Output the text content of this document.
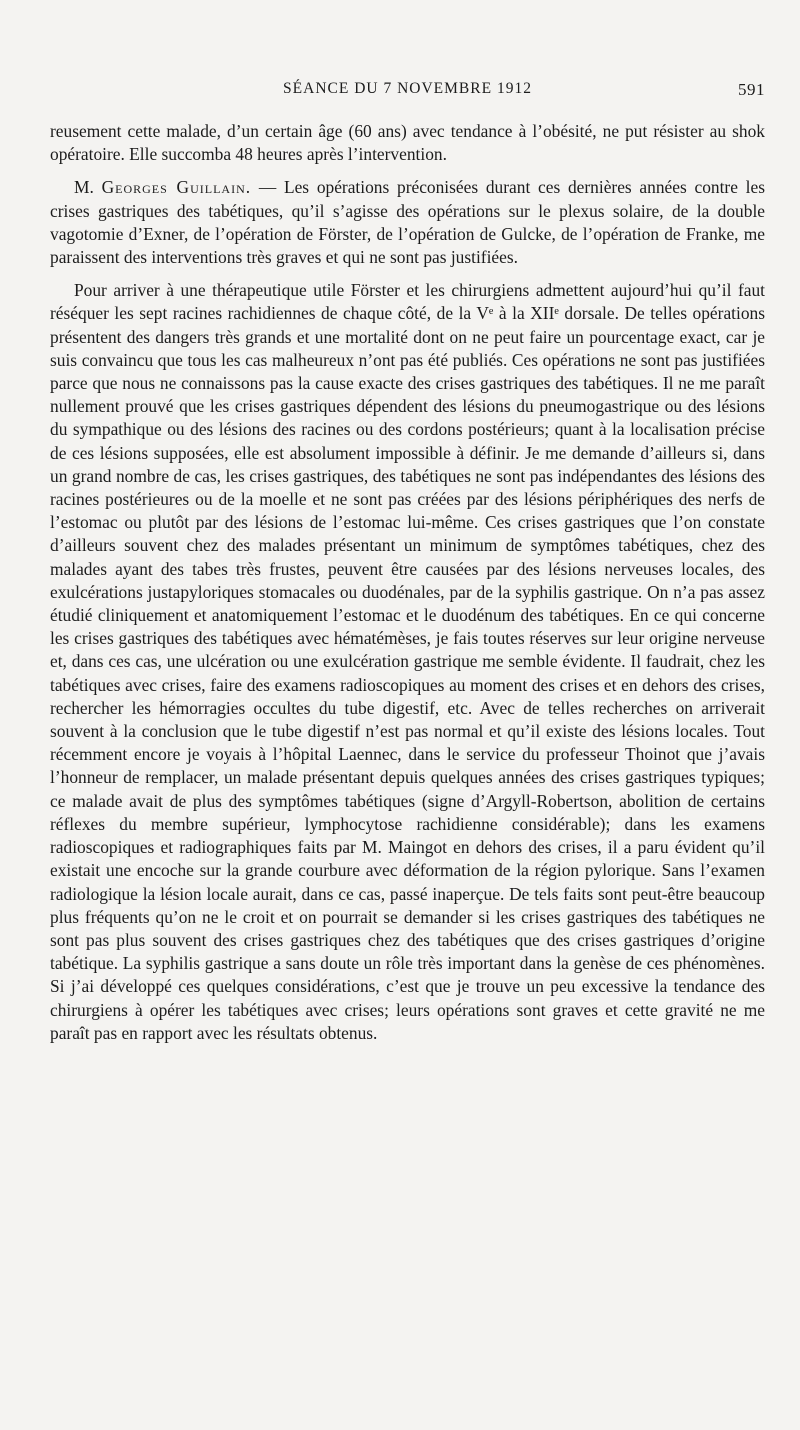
SÉANCE DU 7 NOVEMBRE 1912	591

reusement cette malade, d’un certain âge (60 ans) avec tendance à l’obésité, ne put résister au shok opératoire. Elle succomba 48 heures après l’intervention.

M. Georges Guillain. — Les opérations préconisées durant ces dernières années contre les crises gastriques des tabétiques, qu’il s’agisse des opérations sur le plexus solaire, de la double vagotomie d’Exner, de l’opération de Förster, de l’opération de Gulcke, de l’opération de Franke, me paraissent des interventions très graves et qui ne sont pas justifiées.

Pour arriver à une thérapeutique utile Förster et les chirurgiens admettent aujourd’hui qu’il faut réséquer les sept racines rachidiennes de chaque côté, de la Vᵉ à la XIIᵉ dorsale. De telles opérations présentent des dangers très grands et une mortalité dont on ne peut faire un pourcentage exact, car je suis convaincu que tous les cas malheureux n’ont pas été publiés. Ces opérations ne sont pas justifiées parce que nous ne connaissons pas la cause exacte des crises gastriques des tabétiques. Il ne me paraît nullement prouvé que les crises gastriques dépendent des lésions du pneumogastrique ou des lésions du sympathique ou des lésions des racines ou des cordons postérieurs; quant à la localisation précise de ces lésions supposées, elle est absolument impossible à définir. Je me demande d’ailleurs si, dans un grand nombre de cas, les crises gastriques, des tabétiques ne sont pas indépendantes des lésions des racines postérieures ou de la moelle et ne sont pas créées par des lésions périphériques des nerfs de l’estomac ou plutôt par des lésions de l’estomac lui-même. Ces crises gastriques que l’on constate d’ailleurs souvent chez des malades présentant un minimum de symptômes tabétiques, chez des malades ayant des tabes très frustes, peuvent être causées par des lésions nerveuses locales, des exulcérations justapyloriques stomacales ou duodénales, par de la syphilis gastrique. On n’a pas assez étudié cliniquement et anatomiquement l’estomac et le duodénum des tabétiques. En ce qui concerne les crises gastriques des tabétiques avec hématémèses, je fais toutes réserves sur leur origine nerveuse et, dans ces cas, une ulcération ou une exulcération gastrique me semble évidente. Il faudrait, chez les tabétiques avec crises, faire des examens radioscopiques au moment des crises et en dehors des crises, rechercher les hémorragies occultes du tube digestif, etc. Avec de telles recherches on arriverait souvent à la conclusion que le tube digestif n’est pas normal et qu’il existe des lésions locales. Tout récemment encore je voyais à l’hôpital Laennec, dans le service du professeur Thoinot que j’avais l’honneur de remplacer, un malade présentant depuis quelques années des crises gastriques typiques; ce malade avait de plus des symptômes tabétiques (signe d’Argyll-Robertson, abolition de certains réflexes du membre supérieur, lymphocytose rachidienne considérable); dans les examens radioscopiques et radiographiques faits par M. Maingot en dehors des crises, il a paru évident qu’il existait une encoche sur la grande courbure avec déformation de la région pylorique. Sans l’examen radiologique la lésion locale aurait, dans ce cas, passé inaperçue. De tels faits sont peut-être beaucoup plus fréquents qu’on ne le croit et on pourrait se demander si les crises gastriques des tabétiques ne sont pas plus souvent des crises gastriques chez des tabétiques que des crises gastriques d’origine tabétique. La syphilis gastrique a sans doute un rôle très important dans la genèse de ces phénomènes. Si j’ai développé ces quelques considérations, c’est que je trouve un peu excessive la tendance des chirurgiens à opérer les tabétiques avec crises; leurs opérations sont graves et cette gravité ne me paraît pas en rapport avec les résultats obtenus.
